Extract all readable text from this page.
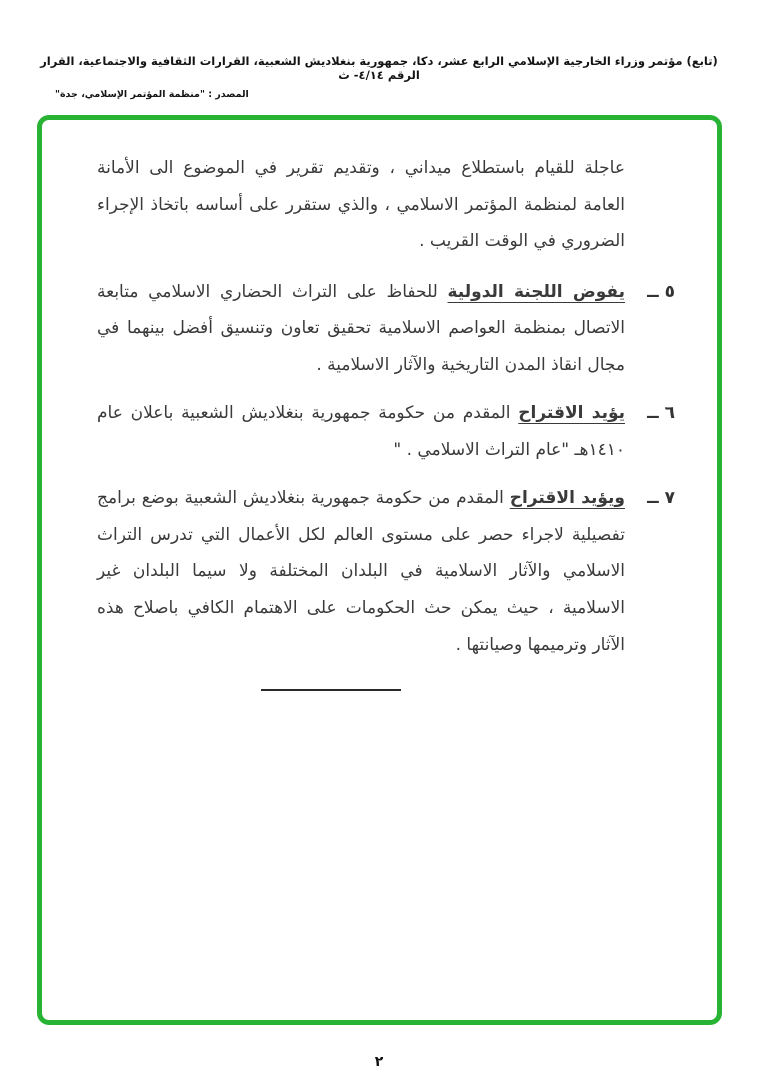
(تابع) مؤتمر وزراء الخارجية الإسلامي الرابع عشر، دكا، جمهورية بنغلاديش الشعبية، القرارات الثقافية والاجتماعية، القرار الرقم ٤/١٤- ث
المصدر : "منظمة المؤتمر الإسلامي، جدة"

عاجلة للقيام باستطلاع ميداني ، وتقديم تقرير في الموضوع الى الأمانة العامة لمنظمة المؤتمر الاسلامي ، والذي ستقرر على أساسه باتخاذ الإجراء الضروري في الوقت القريب .

٥ ــ

يفوض اللجنة الدولية للحفاظ على التراث الحضاري الاسلامي متابعة الاتصال بمنظمة العواصم الاسلامية تحقيق تعاون وتنسيق أفضل بينهما في مجال انقاذ المدن التاريخية والآثار الاسلامية .

٦ ــ

يؤيد الاقتراح المقدم من حكومة جمهورية بنغلاديش الشعبية باعلان عام ١٤١٠هـ "عام التراث الاسلامي . "

٧ ــ

ويؤيد الاقتراح المقدم من حكومة جمهورية بنغلاديش الشعبية بوضع برامج تفصيلية لاجراء حصر على مستوى العالم لكل الأعمال التي تدرس التراث الاسلامي والآثار الاسلامية في البلدان المختلفة ولا سيما البلدان غير الاسلامية ، حيث يمكن حث الحكومات على الاهتمام الكافي باصلاح هذه الآثار وترميمها وصيانتها .

٢
